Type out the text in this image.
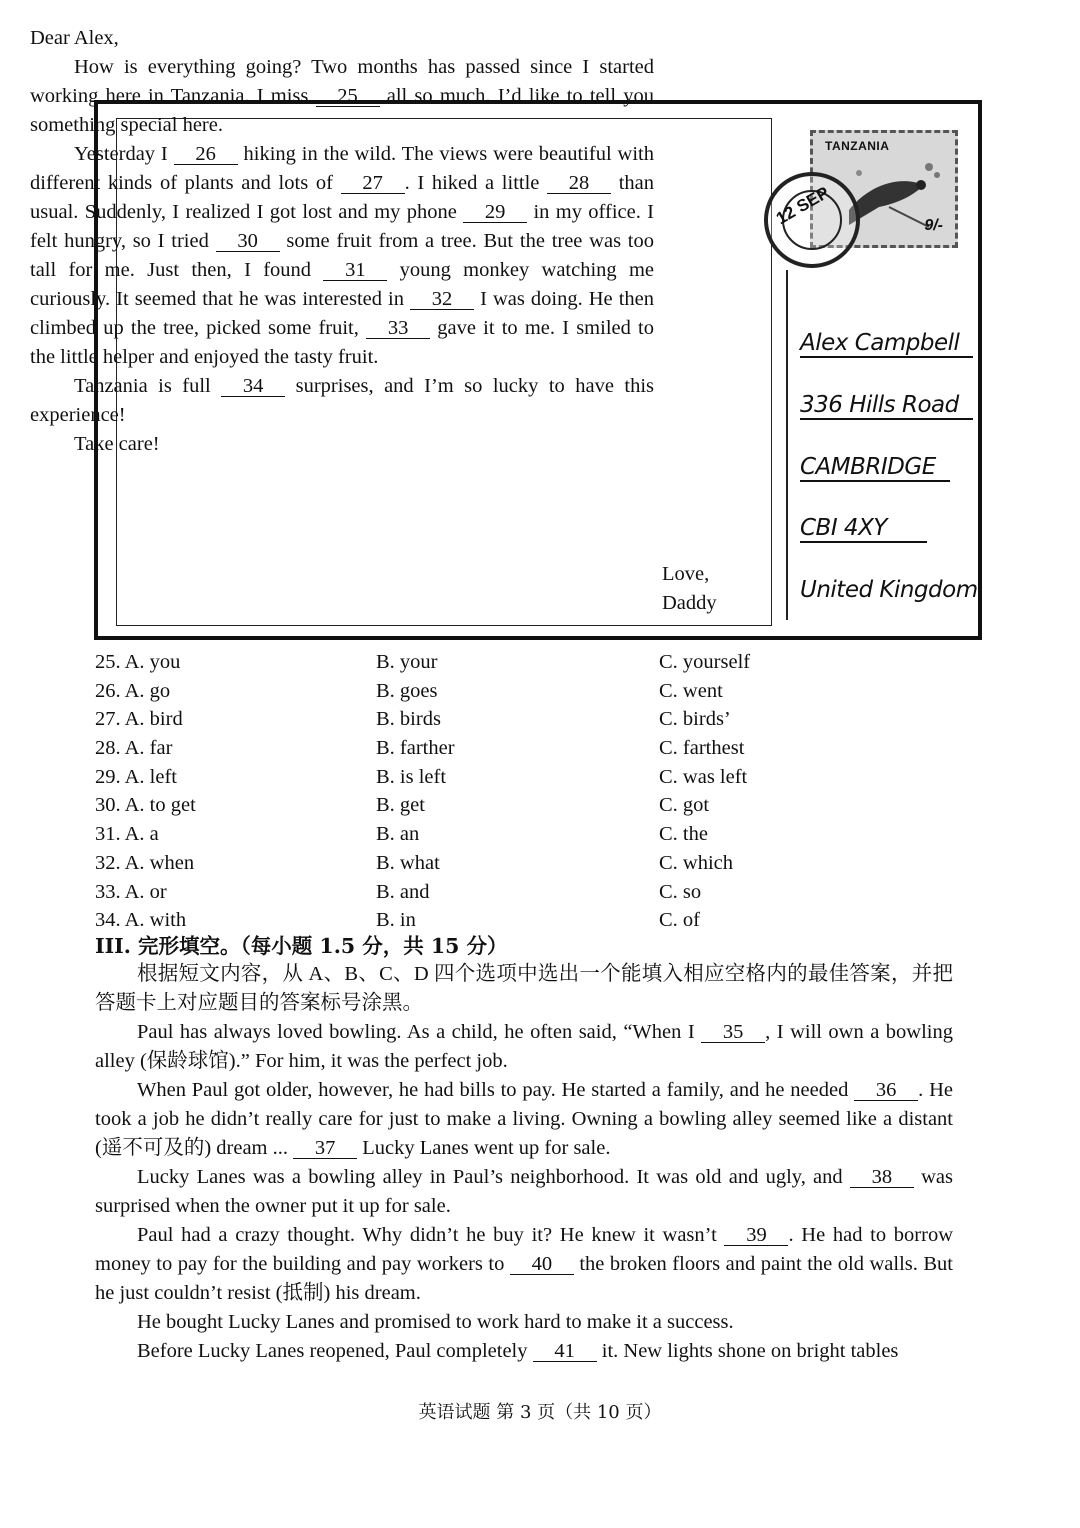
Dear Alex,

How is everything going? Two months has passed since I started working here in Tanzania. I miss 25 all so much. I’d like to tell you something special here.

Yesterday I 26 hiking in the wild. The views were beautiful with different kinds of plants and lots of 27 . I hiked a little 28 than usual. Suddenly, I realized I got lost and my phone 29 in my office. I felt hungry, so I tried 30 some fruit from a tree. But the tree was too tall for me. Just then, I found 31 young monkey watching me curiously. It seemed that he was interested in 32 I was doing. He then climbed up the tree, picked some fruit, 33 gave it to me. I smiled to the little helper and enjoyed the tasty fruit.

Tanzania is full 34 surprises, and I’m so lucky to have this experience!

Take care!

Love,
Daddy
TANZANIA
9/-
12 SEP
Alex Campbell
336 Hills Road
CAMBRIDGE
CBI 4XY
United Kingdom
25. A. you	B. your	C. yourself
26. A. go	B. goes	C. went
27. A. bird	B. birds	C. birds’
28. A. far	B. farther	C. farthest
29. A. left	B. is left	C. was left
30. A. to get	B. get	C. got
31. A. a	B. an	C. the
32. A. when	B. what	C. which
33. A. or	B. and	C. so
34. A. with	B. in	C. of
III. 完形填空。（每小题 1.5 分，共 15 分）

根据短文内容，从 A、B、C、D 四个选项中选出一个能填入相应空格内的最佳答案，并把答题卡上对应题目的答案标号涂黑。

Paul has always loved bowling. As a child, he often said, “When I 35 , I will own a bowling alley (保龄球馆).” For him, it was the perfect job.

When Paul got older, however, he had bills to pay. He started a family, and he needed 36 . He took a job he didn’t really care for just to make a living. Owning a bowling alley seemed like a distant (遥不可及的) dream ... 37 Lucky Lanes went up for sale.

Lucky Lanes was a bowling alley in Paul’s neighborhood. It was old and ugly, and 38 was surprised when the owner put it up for sale.

Paul had a crazy thought. Why didn’t he buy it? He knew it wasn’t 39 . He had to borrow money to pay for the building and pay workers to 40 the broken floors and paint the old walls. But he just couldn’t resist (抵制) his dream.

He bought Lucky Lanes and promised to work hard to make it a success.

Before Lucky Lanes reopened, Paul completely 41 it. New lights shone on bright tables

英语试题 第 3 页（共 10 页）
